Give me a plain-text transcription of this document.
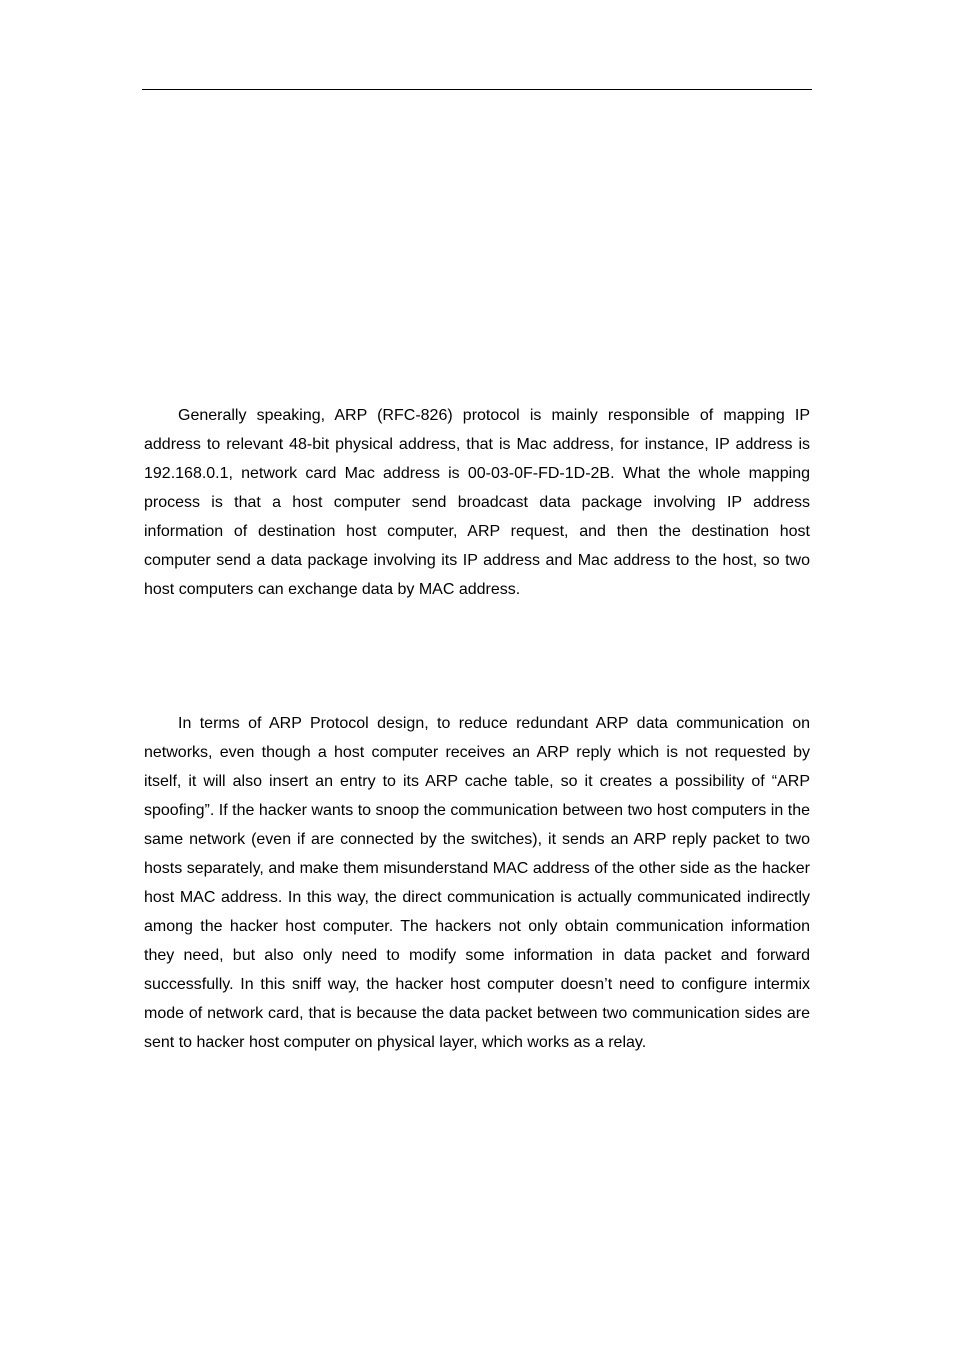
Generally speaking, ARP (RFC-826) protocol is mainly responsible of mapping IP address to relevant 48-bit physical address, that is Mac address, for instance, IP address is 192.168.0.1, network card Mac address is 00-03-0F-FD-1D-2B. What the whole mapping process is that a host computer send broadcast data package involving IP address information of destination host computer, ARP request, and then the destination host computer send a data package involving its IP address and Mac address to the host, so two host computers can exchange data by MAC address.

In terms of ARP Protocol design, to reduce redundant ARP data communication on networks, even though a host computer receives an ARP reply which is not requested by itself, it will also insert an entry to its ARP cache table, so it creates a possibility of “ARP spoofing”. If the hacker wants to snoop the communication between two host computers in the same network (even if are connected by the switches), it sends an ARP reply packet to two hosts separately, and make them misunderstand MAC address of the other side as the hacker host MAC address. In this way, the direct communication is actually communicated indirectly among the hacker host computer. The hackers not only obtain communication information they need, but also only need to modify some information in data packet and forward successfully. In this sniff way, the hacker host computer doesn’t need to configure intermix mode of network card, that is because the data packet between two communication sides are sent to hacker host computer on physical layer, which works as a relay.
